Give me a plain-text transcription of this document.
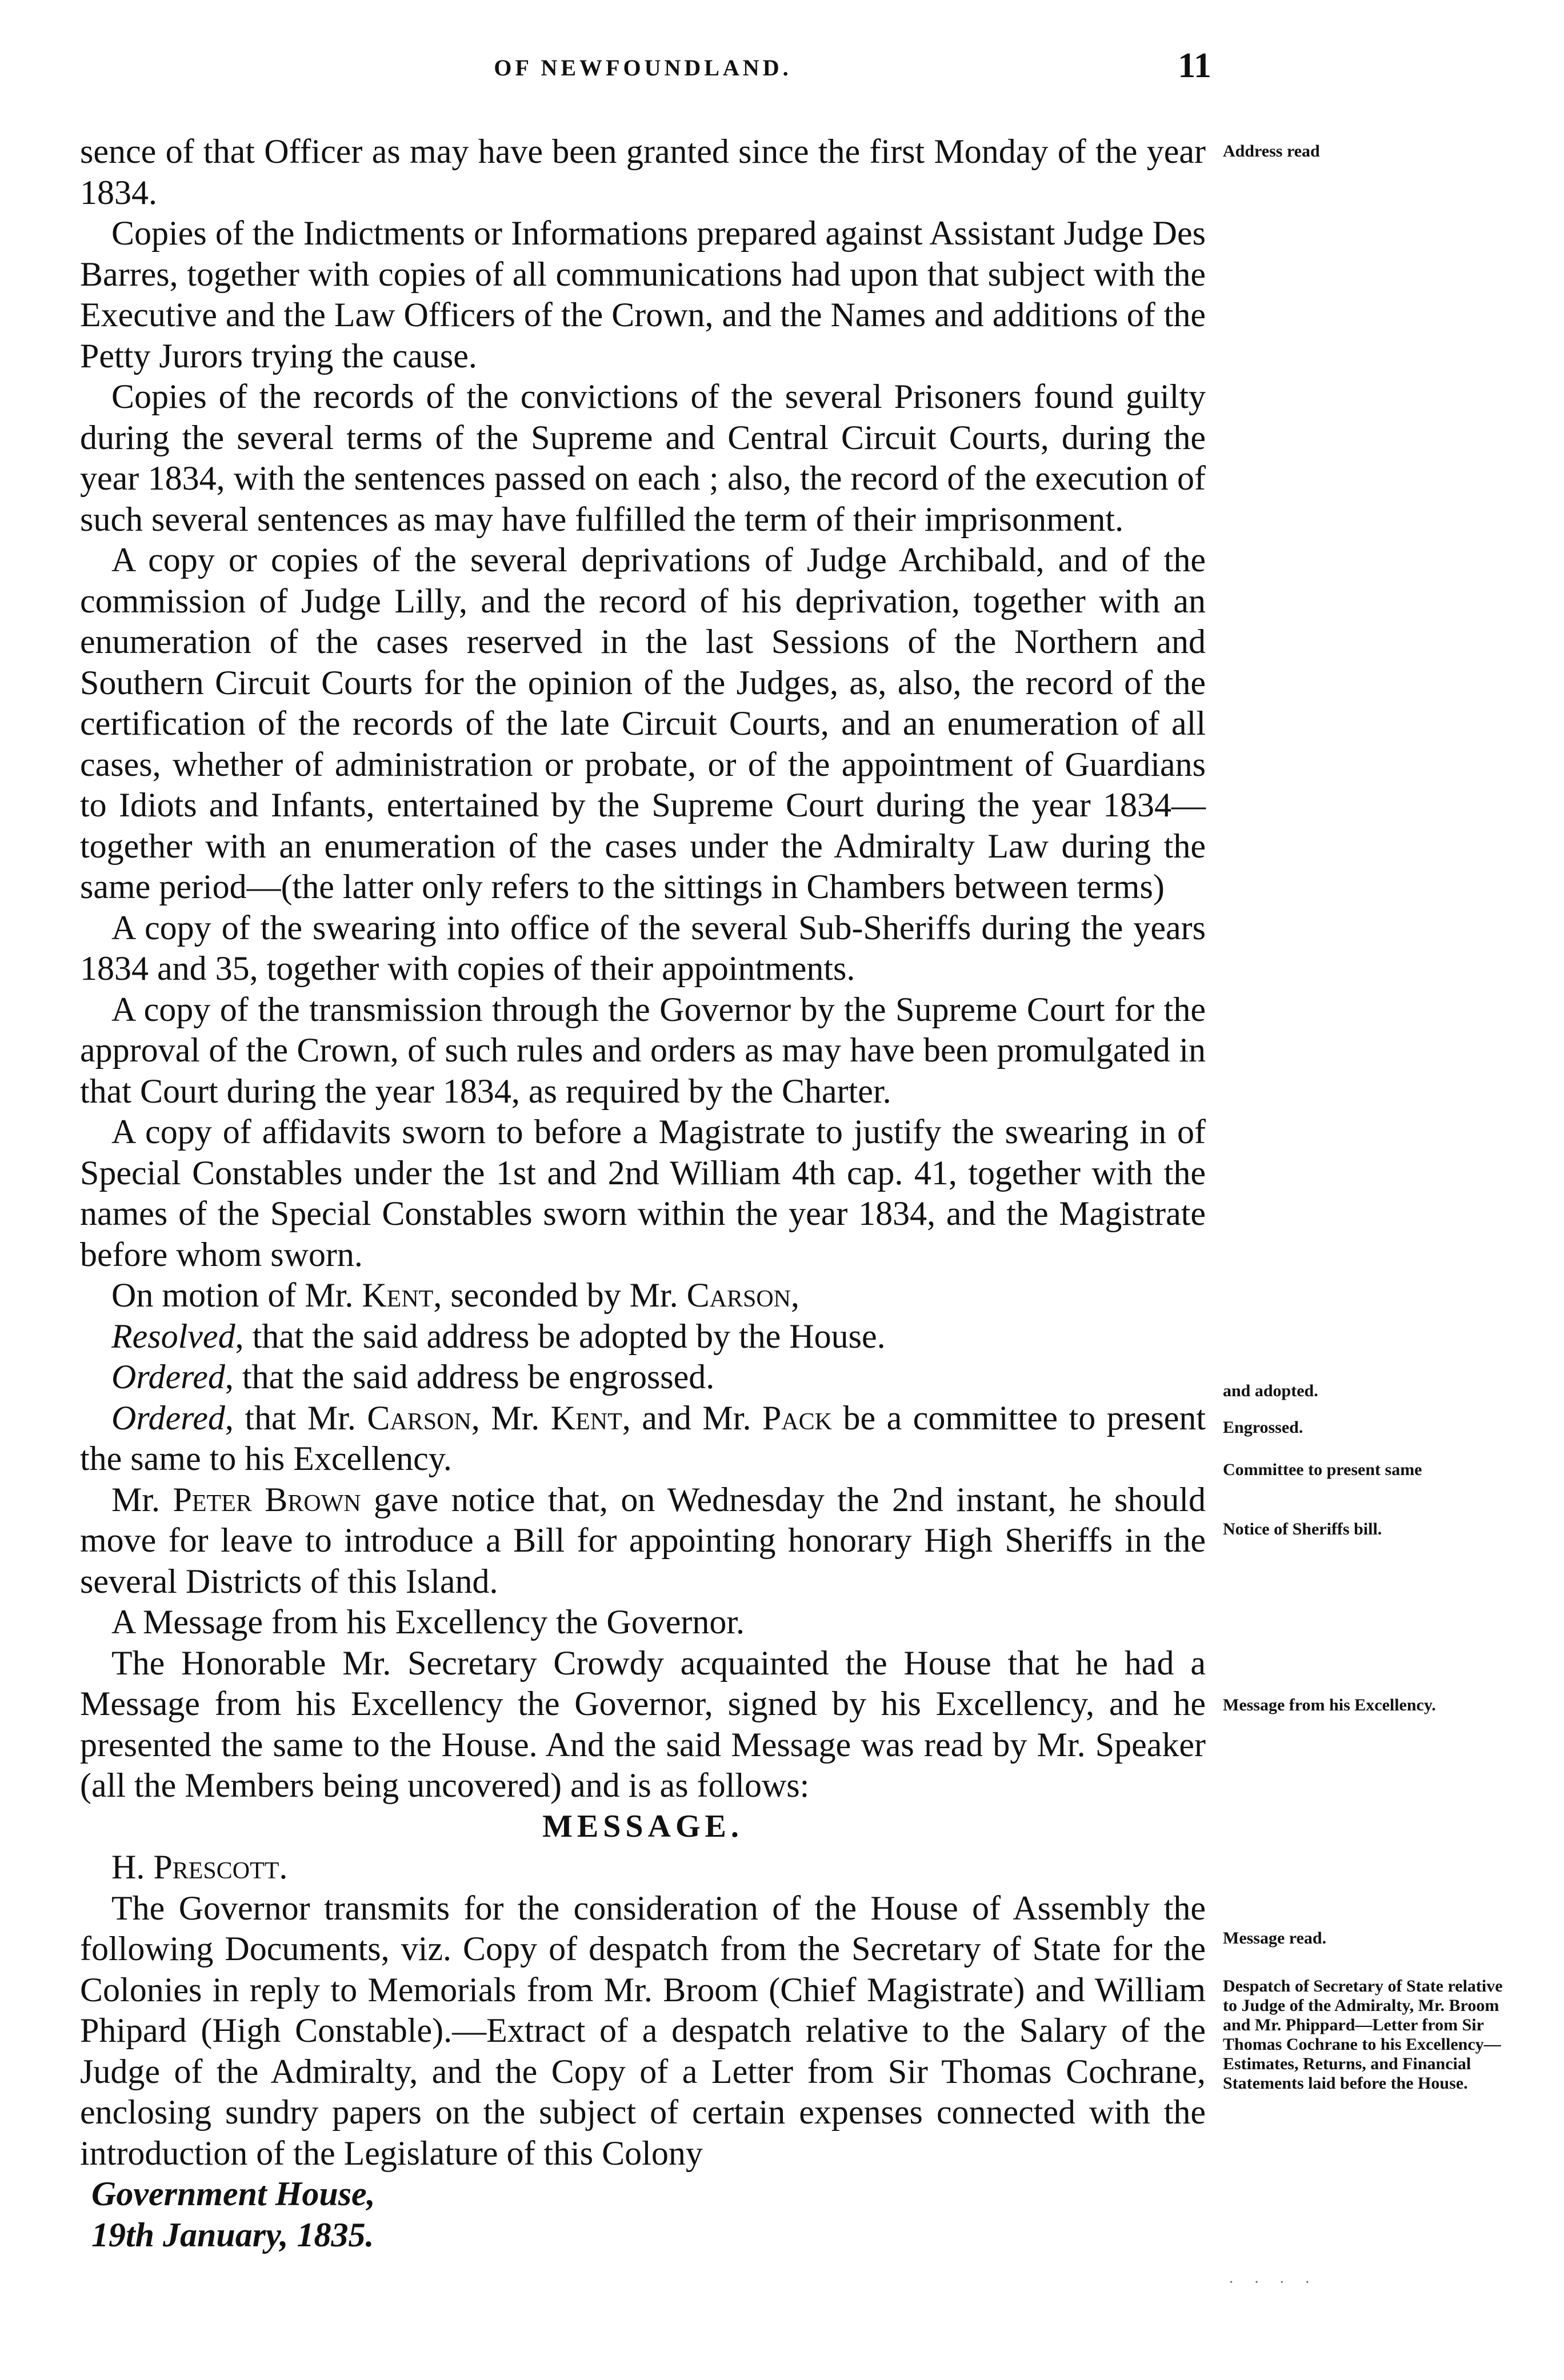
OF NEWFOUNDLAND.	11

sence of that Officer as may have been granted since the first Monday of the year 1834.

Copies of the Indictments or Informations prepared against Assistant Judge Des Barres, together with copies of all communications had upon that subject with the Executive and the Law Officers of the Crown, and the Names and additions of the Petty Jurors trying the cause.

Copies of the records of the convictions of the several Prisoners found guilty during the several terms of the Supreme and Central Circuit Courts, during the year 1834, with the sentences passed on each ; also, the record of the execution of such several sentences as may have fulfilled the term of their imprisonment.

A copy or copies of the several deprivations of Judge Archibald, and of the commission of Judge Lilly, and the record of his deprivation, together with an enumeration of the cases reserved in the last Sessions of the Northern and Southern Circuit Courts for the opinion of the Judges, as, also, the record of the certification of the records of the late Circuit Courts, and an enumeration of all cases, whether of administration or probate, or of the appointment of Guardians to Idiots and Infants, entertained by the Supreme Court during the year 1834—together with an enumeration of the cases under the Admiralty Law during the same period—(the latter only refers to the sittings in Chambers between terms)

A copy of the swearing into office of the several Sub-Sheriffs during the years 1834 and 35, together with copies of their appointments.

A copy of the transmission through the Governor by the Supreme Court for the approval of the Crown, of such rules and orders as may have been promulgated in that Court during the year 1834, as required by the Charter.

A copy of affidavits sworn to before a Magistrate to justify the swearing in of Special Constables under the 1st and 2nd William 4th cap. 41, together with the names of the Special Constables sworn within the year 1834, and the Magistrate before whom sworn.

On motion of Mr. Kent, seconded by Mr. Carson,

Resolved, that the said address be adopted by the House.

Ordered, that the said address be engrossed.

Ordered, that Mr. Carson, Mr. Kent, and Mr. Pack be a committee to present the same to his Excellency.

Mr. Peter Brown gave notice that, on Wednesday the 2nd instant, he should move for leave to introduce a Bill for appointing honorary High Sheriffs in the several Districts of this Island.

A Message from his Excellency the Governor.

The Honorable Mr. Secretary Crowdy acquainted the House that he had a Message from his Excellency the Governor, signed by his Excellency, and he presented the same to the House. And the said Message was read by Mr. Speaker (all the Members being uncovered) and is as follows:

MESSAGE.

H. Prescott.

The Governor transmits for the consideration of the House of Assembly the following Documents, viz. Copy of despatch from the Secretary of State for the Colonies in reply to Memorials from Mr. Broom (Chief Magistrate) and William Phipard (High Constable).—Extract of a despatch relative to the Salary of the Judge of the Admiralty, and the Copy of a Letter from Sir Thomas Cochrane, enclosing sundry papers on the subject of certain expenses connected with the introduction of the Legislature of this Colony

Government House,

19th January, 1835.

Address read
and adopted.
Engrossed.
Committee to present same
Notice of Sheriffs bill.
Message from his Excellency.
Message read.
Despatch of Secretary of State relative to Judge of the Admiralty, Mr. Broom and Mr. Phippard—Letter from Sir Thomas Cochrane to his Excellency—Estimates, Returns, and Financial Statements laid before the House.
· · · ·
